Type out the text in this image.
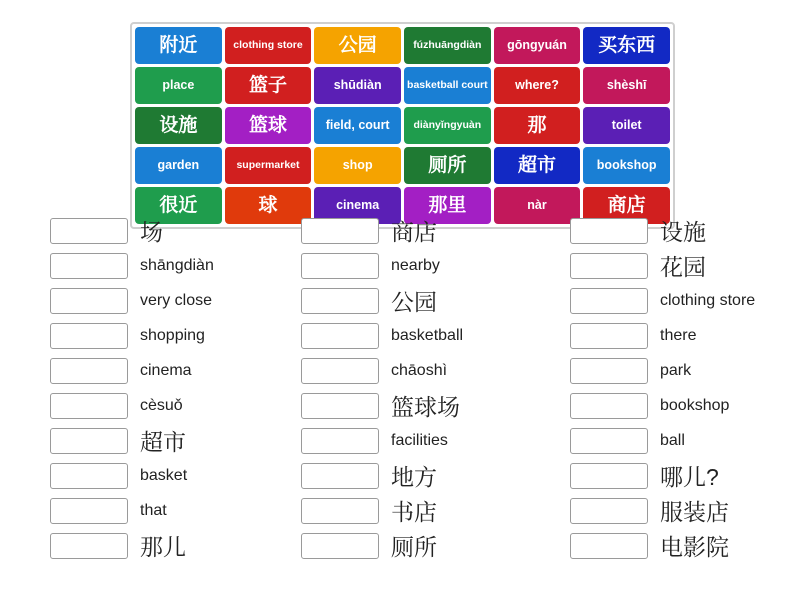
附近	clothing store	公园	fúzhuāngdiàn	gōngyuán	买东西
place	篮子	shūdiàn	basketball court	where?	shèshī
设施	篮球	field, court	diànyǐngyuàn	那	toilet
garden	supermarket	shop	厕所	超市	bookshop
很近	球	cinema	那里	nàr	商店
场
shāngdiàn
very close
shopping
cinema
cèsuǒ
超市
basket
that
那儿
商店
nearby
公园
basketball
chāoshì
篮球场
facilities
地方
书店
厕所
设施
花园
clothing store
there
park
bookshop
ball
哪儿?
服装店
电影院
